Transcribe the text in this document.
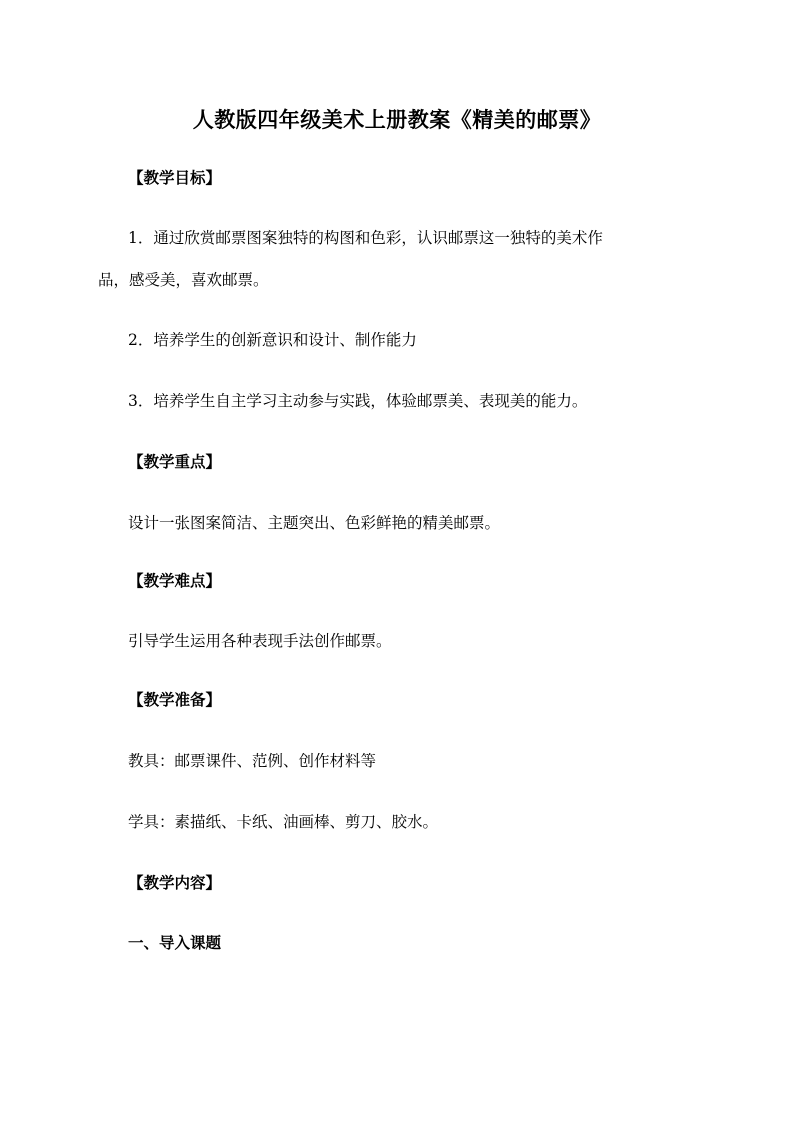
人教版四年级美术上册教案《精美的邮票》
【教学目标】
1．通过欣赏邮票图案独特的构图和色彩，认识邮票这一独特的美术作
品，感受美，喜欢邮票。
2．培养学生的创新意识和设计、制作能力
3．培养学生自主学习主动参与实践，体验邮票美、表现美的能力。
【教学重点】
设计一张图案简洁、主题突出、色彩鲜艳的精美邮票。
【教学难点】
引导学生运用各种表现手法创作邮票。
【教学准备】
教具：邮票课件、范例、创作材料等
学具：素描纸、卡纸、油画棒、剪刀、胶水。
【教学内容】
一、导入课题
